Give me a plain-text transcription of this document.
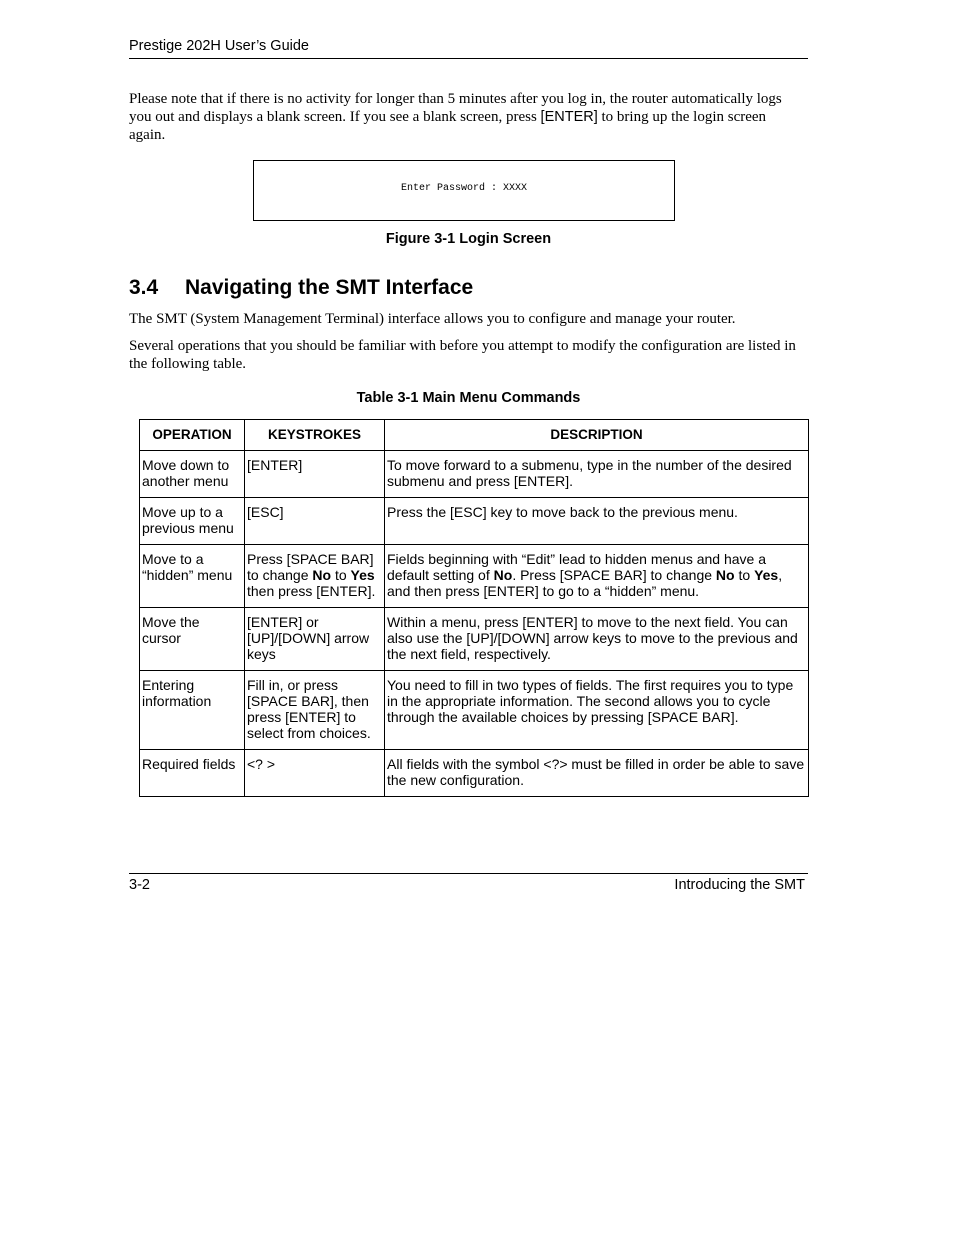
Prestige 202H User’s Guide

Please note that if there is no activity for longer than 5 minutes after you log in, the router automatically logs you out and displays a blank screen. If you see a blank screen, press [ENTER] to bring up the login screen again.

Enter Password : XXXX
Figure 3-1 Login Screen
3.4 Navigating the SMT Interface

The SMT (System Management Terminal) interface allows you to configure and manage your router.

Several operations that you should be familiar with before you attempt to modify the configuration are listed in the following table.

Table 3-1 Main Menu Commands
OPERATION	KEYSTROKES	DESCRIPTION
Move down to another menu	[ENTER]	To move forward to a submenu, type in the number of the desired submenu and press [ENTER].
Move up to a previous menu	[ESC]	Press the [ESC] key to move back to the previous menu.
Move to a “hidden” menu	Press [SPACE BAR] to change No to Yes then press [ENTER].	Fields beginning with “Edit” lead to hidden menus and have a default setting of No. Press [SPACE BAR] to change No to Yes, and then press [ENTER] to go to a “hidden” menu.
Move the cursor	[ENTER] or [UP]/[DOWN] arrow keys	Within a menu, press [ENTER] to move to the next field. You can also use the [UP]/[DOWN] arrow keys to move to the previous and the next field, respectively.
Entering information	Fill in, or press [SPACE BAR], then press [ENTER] to select from choices.	You need to fill in two types of fields. The first requires you to type in the appropriate information. The second allows you to cycle through the available choices by pressing [SPACE BAR].
Required fields	<? >	All fields with the symbol <?> must be filled in order be able to save the new configuration.
3-2	Introducing the SMT
